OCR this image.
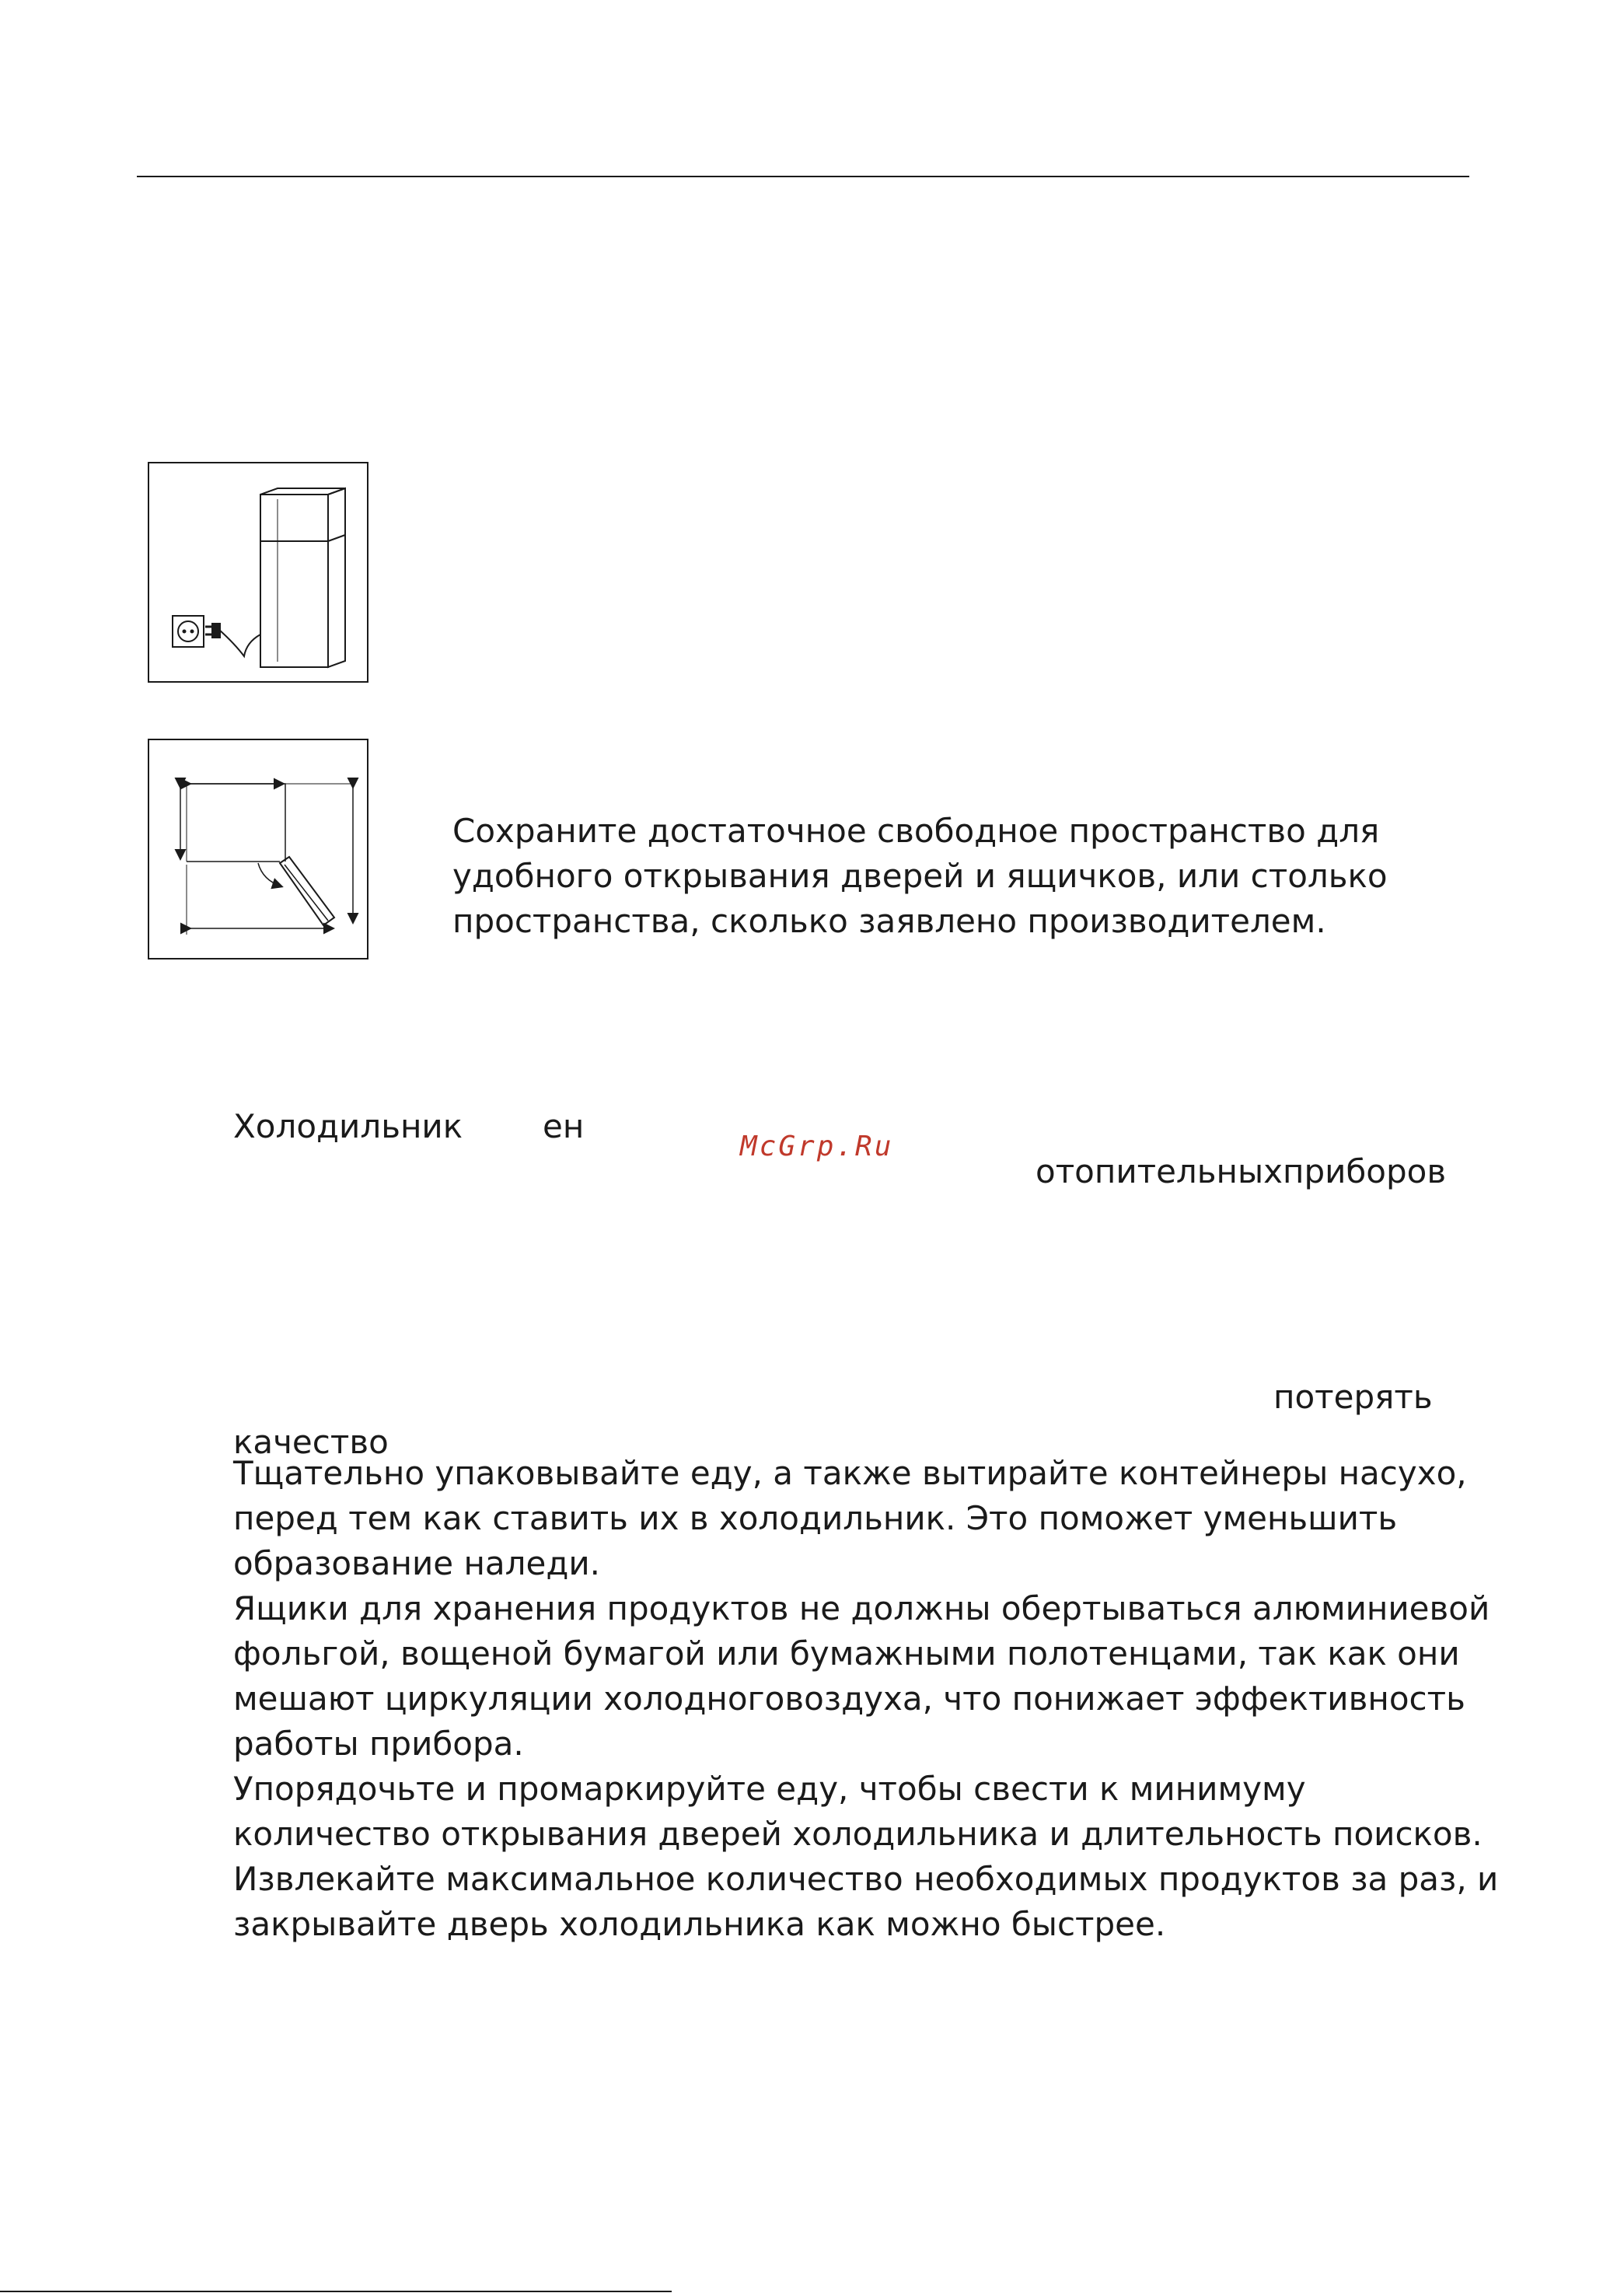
Сохраните достаточное свободное пространство для

удобного открывания дверей и ящичков, или столько

пространства, сколько заявлено производителем.

Холодильник ен

McGrp.Ru

отопительныхприборов

потерять

качество

Тщательно упаковывайте еду, а также вытирайте контейнеры насухо,
перед тем как ставить их в холодильник. Это поможет уменьшить
образование наледи.
Ящики для хранения продуктов не должны обертываться алюминиевой
фольгой, вощеной бумагой или бумажными полотенцами, так как они
мешают циркуляции холодноговоздуха, что понижает эффективность
работы прибора.
Упорядочьте и промаркируйте еду, чтобы свести к минимуму
количество открывания дверей холодильника и длительность поисков.
Извлекайте максимальное количество необходимых продуктов за раз, и
закрывайте дверь холодильника как можно быстрее.
